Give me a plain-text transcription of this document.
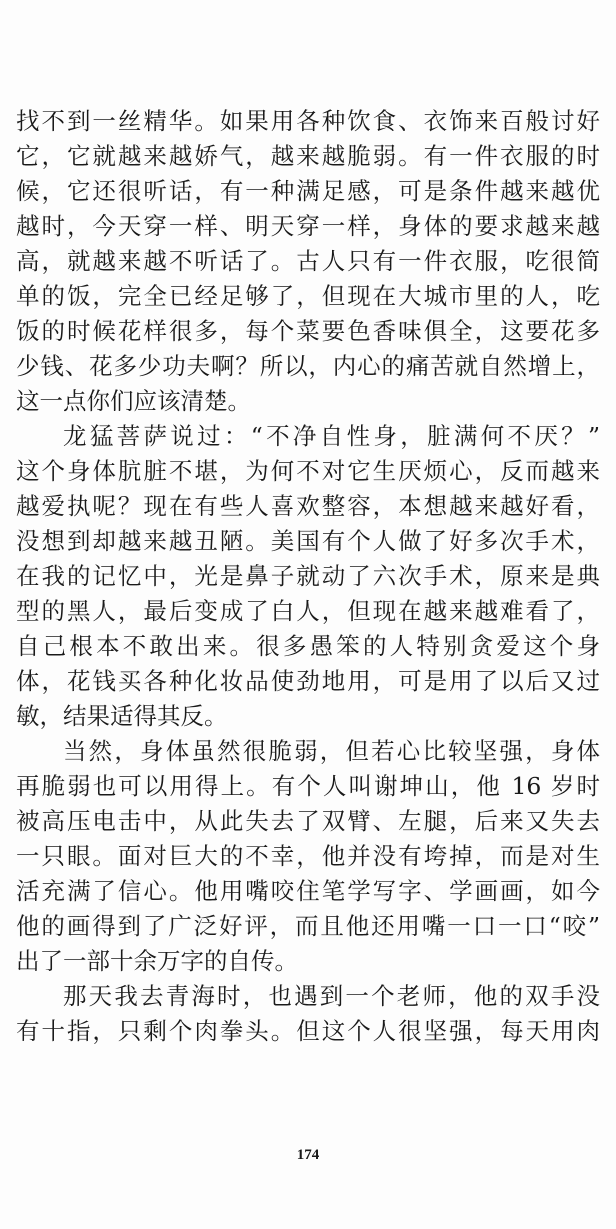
找不到一丝精华。如果用各种饮食、衣饰来百般讨好
它，它就越来越娇气，越来越脆弱。有一件衣服的时
候，它还很听话，有一种满足感，可是条件越来越优
越时，今天穿一样、明天穿一样，身体的要求越来越
高，就越来越不听话了。古人只有一件衣服，吃很简
单的饭，完全已经足够了，但现在大城市里的人，吃
饭的时候花样很多，每个菜要色香味俱全，这要花多
少钱、花多少功夫啊？所以，内心的痛苦就自然增上，
这一点你们应该清楚。
龙猛菩萨说过：“不净自性身，脏满何不厌？”
这个身体肮脏不堪，为何不对它生厌烦心，反而越来
越爱执呢？现在有些人喜欢整容，本想越来越好看，
没想到却越来越丑陋。美国有个人做了好多次手术，
在我的记忆中，光是鼻子就动了六次手术，原来是典
型的黑人，最后变成了白人，但现在越来越难看了，
自己根本不敢出来。很多愚笨的人特别贪爱这个身
体，花钱买各种化妆品使劲地用，可是用了以后又过
敏，结果适得其反。
当然，身体虽然很脆弱，但若心比较坚强，身体
再脆弱也可以用得上。有个人叫谢坤山，他 16 岁时
被高压电击中，从此失去了双臂、左腿，后来又失去
一只眼。面对巨大的不幸，他并没有垮掉，而是对生
活充满了信心。他用嘴咬住笔学写字、学画画，如今
他的画得到了广泛好评，而且他还用嘴一口一口“咬”
出了一部十余万字的自传。
那天我去青海时，也遇到一个老师，他的双手没
有十指，只剩个肉拳头。但这个人很坚强，每天用肉
174
